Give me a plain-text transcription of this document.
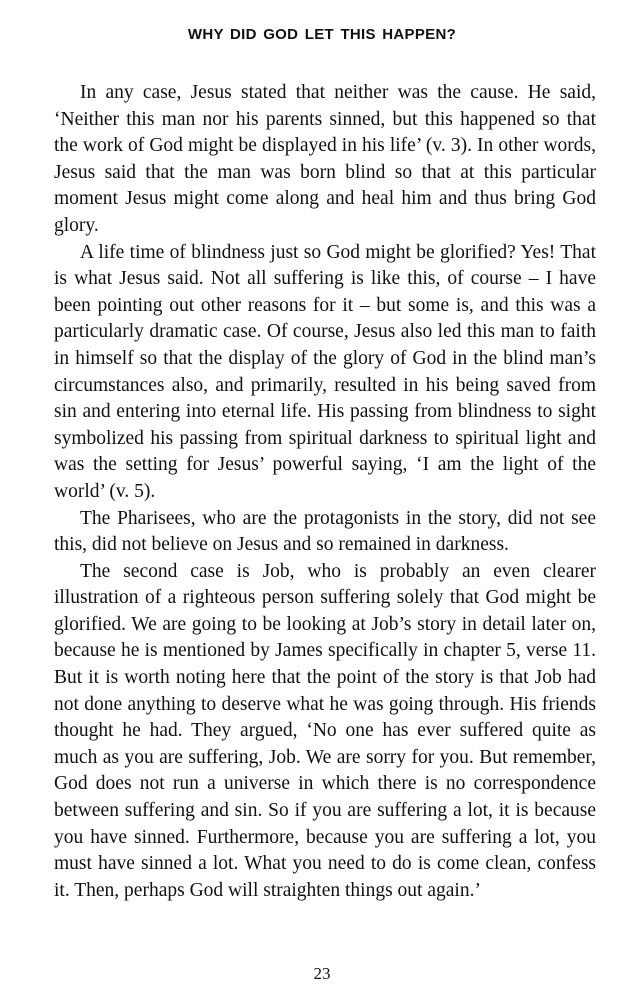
WHY DID GOD LET THIS HAPPEN?

In any case, Jesus stated that neither was the cause. He said, ‘Neither this man nor his parents sinned, but this happened so that the work of God might be displayed in his life’ (v. 3). In other words, Jesus said that the man was born blind so that at this particular moment Jesus might come along and heal him and thus bring God glory.

A life time of blindness just so God might be glorified? Yes! That is what Jesus said. Not all suffering is like this, of course – I have been pointing out other reasons for it – but some is, and this was a particularly dramatic case. Of course, Jesus also led this man to faith in himself so that the display of the glory of God in the blind man’s circumstances also, and primarily, resulted in his being saved from sin and entering into eternal life. His passing from blindness to sight symbolized his passing from spiritual darkness to spiritual light and was the setting for Jesus’ powerful saying, ‘I am the light of the world’ (v. 5).

The Pharisees, who are the protagonists in the story, did not see this, did not believe on Jesus and so remained in darkness.

The second case is Job, who is probably an even clearer illustration of a righteous person suffering solely that God might be glorified. We are going to be looking at Job’s story in detail later on, because he is mentioned by James specifically in chapter 5, verse 11. But it is worth noting here that the point of the story is that Job had not done anything to deserve what he was going through. His friends thought he had. They argued, ‘No one has ever suffered quite as much as you are suffering, Job. We are sorry for you. But remember, God does not run a universe in which there is no correspondence between suffering and sin. So if you are suffering a lot, it is because you have sinned. Furthermore, because you are suffering a lot, you must have sinned a lot. What you need to do is come clean, confess it. Then, perhaps God will straighten things out again.’

23
